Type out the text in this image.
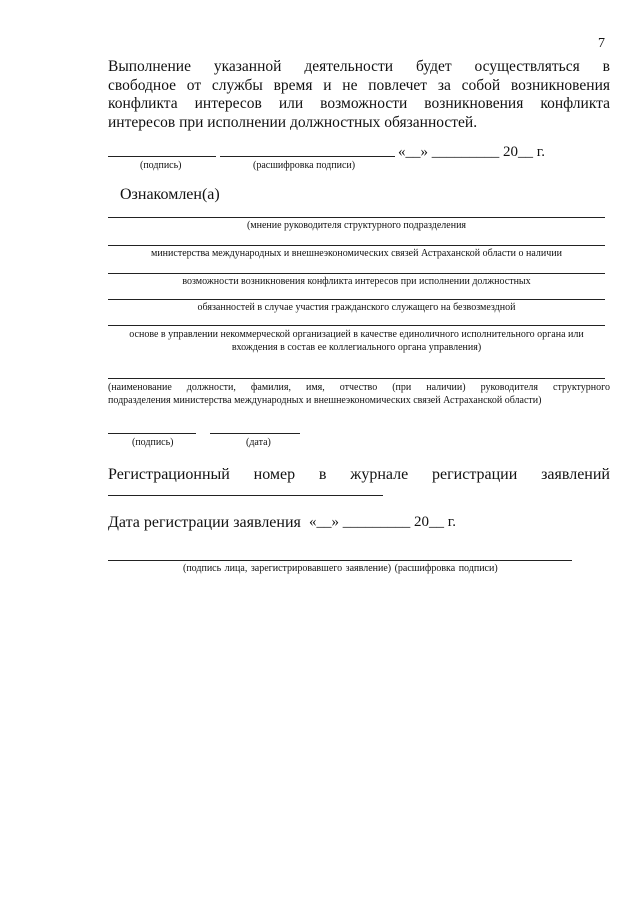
7
Выполнение указанной деятельности будет осуществляться в
свободное от службы время и не повлечет за собой возникновения
конфликта интересов или возможности возникновения конфликта
интересов при исполнении должностных обязанностей.
«__» _________ 20__ г.
(подпись)	(расшифровка подписи)
Ознакомлен(а)
(мнение руководителя структурного подразделения
министерства международных и внешнеэкономических связей Астраханской области о наличии
возможности возникновения конфликта интересов при исполнении должностных
обязанностей в случае участия гражданского служащего на безвозмездной
основе в управлении некоммерческой организацией в качестве единоличного исполнительного органа или
вхождения в состав ее коллегиального органа управления)
(наименование должности, фамилия, имя, отчество (при наличии) руководителя структурного
подразделения министерства международных и внешнеэкономических связей Астраханской области)
(подпись)	(дата)
Регистрационный номер в журнале регистрации заявлений
Дата регистрации заявления «__» _________ 20__ г.
(подпись лица, зарегистрировавшего заявление) (расшифровка подписи)
